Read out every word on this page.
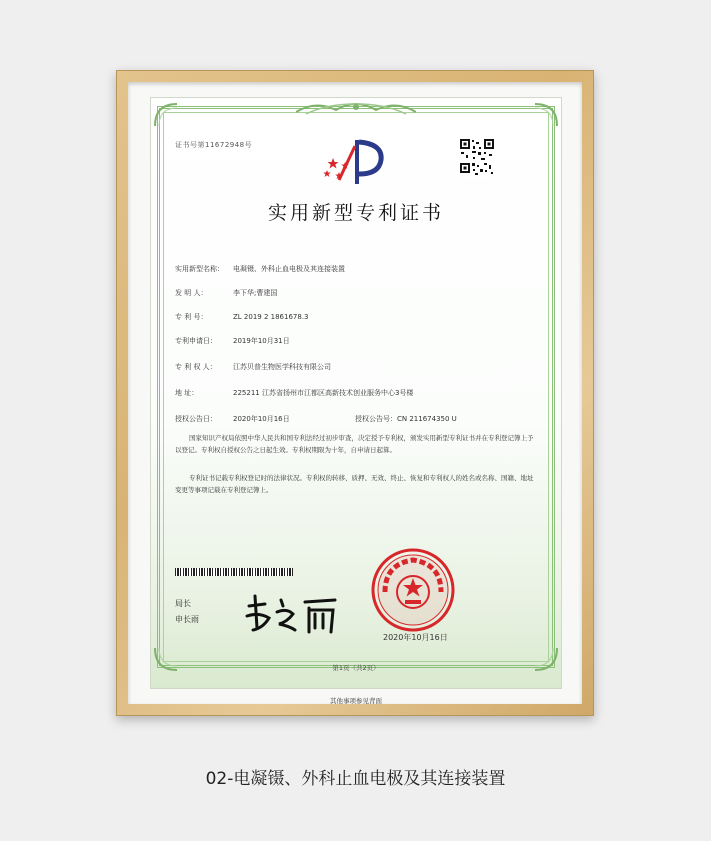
证书号第11672948号
实用新型专利证书
实用新型名称： 电凝镊、外科止血电极及其连接装置
发 明 人：	李下华;曹建国
专 利 号：	ZL 2019 2 1861678.3
专利申请日： 2019年10月31日
专 利 权 人： 江苏贝普生物医学科技有限公司
地 址：	225211 江苏省扬州市江都区高新技术创业服务中心3号楼
授权公告日： 2020年10月16日	授权公告号：CN 211674350 U
国家知识产权局依照中华人民共和国专利法经过初步审查，决定授予专利权，颁发实用新型专利证书并在专利登记簿上予以登记。专利权自授权公告之日起生效。专利权期限为十年，自申请日起算。
专利证书记载专利权登记时的法律状况。专利权的转移、质押、无效、终止、恢复和专利权人的姓名或名称、国籍、地址变更等事项记载在专利登记簿上。
局长
申长雨
2020年10月16日
第1页（共2页）
其他事项参见背面
02-电凝镊、外科止血电极及其连接装置
